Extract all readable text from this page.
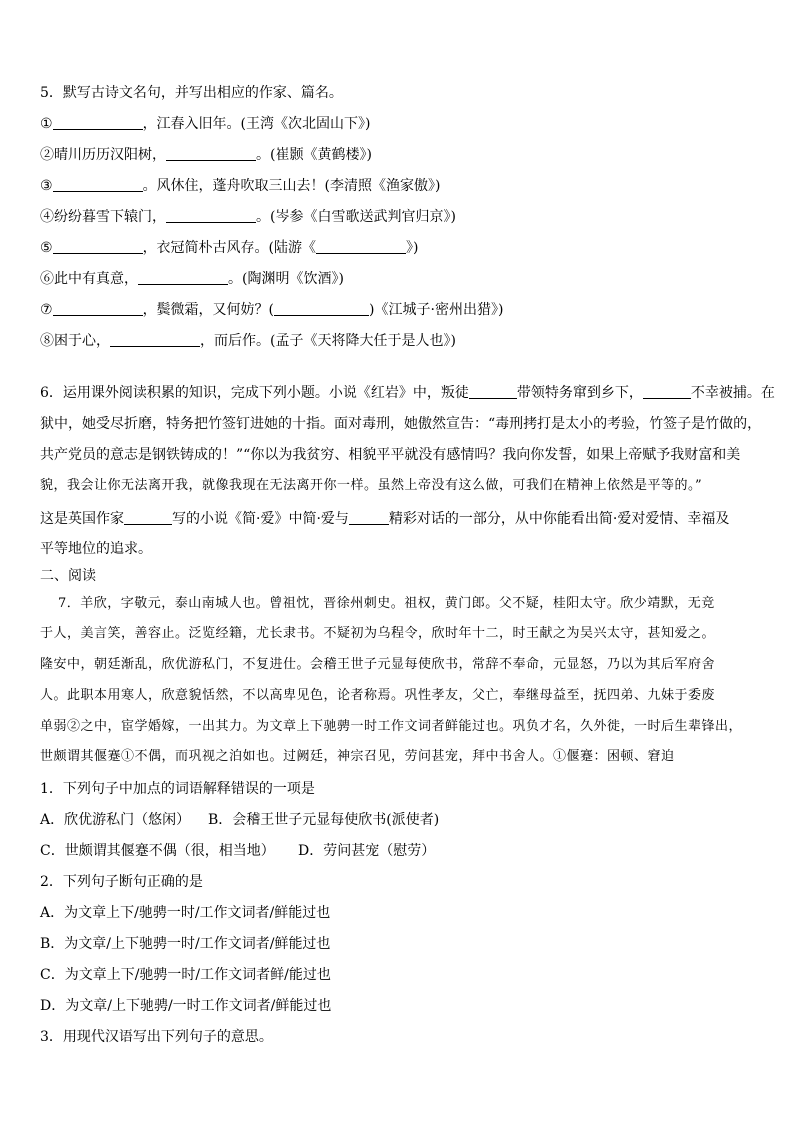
5．默写古诗文名句，并写出相应的作家、篇名。
①	，江春入旧年。(王湾《次北固山下》)
②晴川历历汉阳树，	。(崔颢《黄鹤楼》)
③	。风休住，蓬舟吹取三山去！(李清照《渔家傲》)
④纷纷暮雪下辕门，	。(岑参《白雪歌送武判官归京》)
⑤	，衣冠简朴古风存。(陆游《	》)
⑥此中有真意，	。(陶渊明《饮酒》)
⑦	，鬓微霜，又何妨？(	)《江城子·密州出猎》)
⑧困于心，	，而后作。(孟子《天将降大任于是人也》)
6．运用课外阅读积累的知识，完成下列小题。小说《红岩》中，叛徒	带领特务窜到乡下，	不幸被捕。在
狱中，她受尽折磨，特务把竹签钉进她的十指。面对毒刑，她傲然宣告：“毒刑拷打是太小的考验，竹签子是竹做的，
共产党员的意志是钢铁铸成的！”“你以为我贫穷、相貌平平就没有感情吗？我向你发誓，如果上帝赋予我财富和美
貌，我会让你无法离开我，就像我现在无法离开你一样。虽然上帝没有这么做，可我们在精神上依然是平等的。”
这是英国作家	写的小说《简·爱》中简·爱与	精彩对话的一部分，从中你能看出简·爱对爱情、幸福及
平等地位的追求。
二、阅读
7．羊欣，字敬元，泰山南城人也。曾祖忱，晋徐州刺史。祖权，黄门郎。父不疑，桂阳太守。欣少靖默，无竞
于人，美言笑，善容止。泛览经籍，尤长隶书。不疑初为乌程令，欣时年十二，时王献之为吴兴太守，甚知爱之。
隆安中，朝廷渐乱，欣优游私门，不复进仕。会稽王世子元显每使欣书，常辞不奉命，元显怒，乃以为其后军府舍
人。此职本用寒人，欣意貌恬然，不以高卑见色，论者称焉。巩性孝友，父亡，奉继母益至，抚四弟、九妹于委废
单弱②之中，宦学婚嫁，一出其力。为文章上下驰骋一时工作文词者鲜能过也。巩负才名，久外徙，一时后生辈锋出，
世颇谓其偃蹇①不偶，而巩视之泊如也。过阙廷，神宗召见，劳问甚宠，拜中书舍人。①偃蹇：困顿、窘迫
1．下列句子中加点的词语解释错误的一项是
A．欣优游私门（悠闲） B．会稽王世子元显每使欣书(派使者)
C．世颇谓其偃蹇不偶（很，相当地） D．劳问甚宠（慰劳）
2．下列句子断句正确的是
A．为文章上下/驰骋一时/工作文词者/鲜能过也
B．为文章/上下驰骋一时/工作文词者/鲜能过也
C．为文章上下/驰骋一时/工作文词者鲜/能过也
D．为文章/上下驰骋/一时工作文词者/鲜能过也
3．用现代汉语写出下列句子的意思。
